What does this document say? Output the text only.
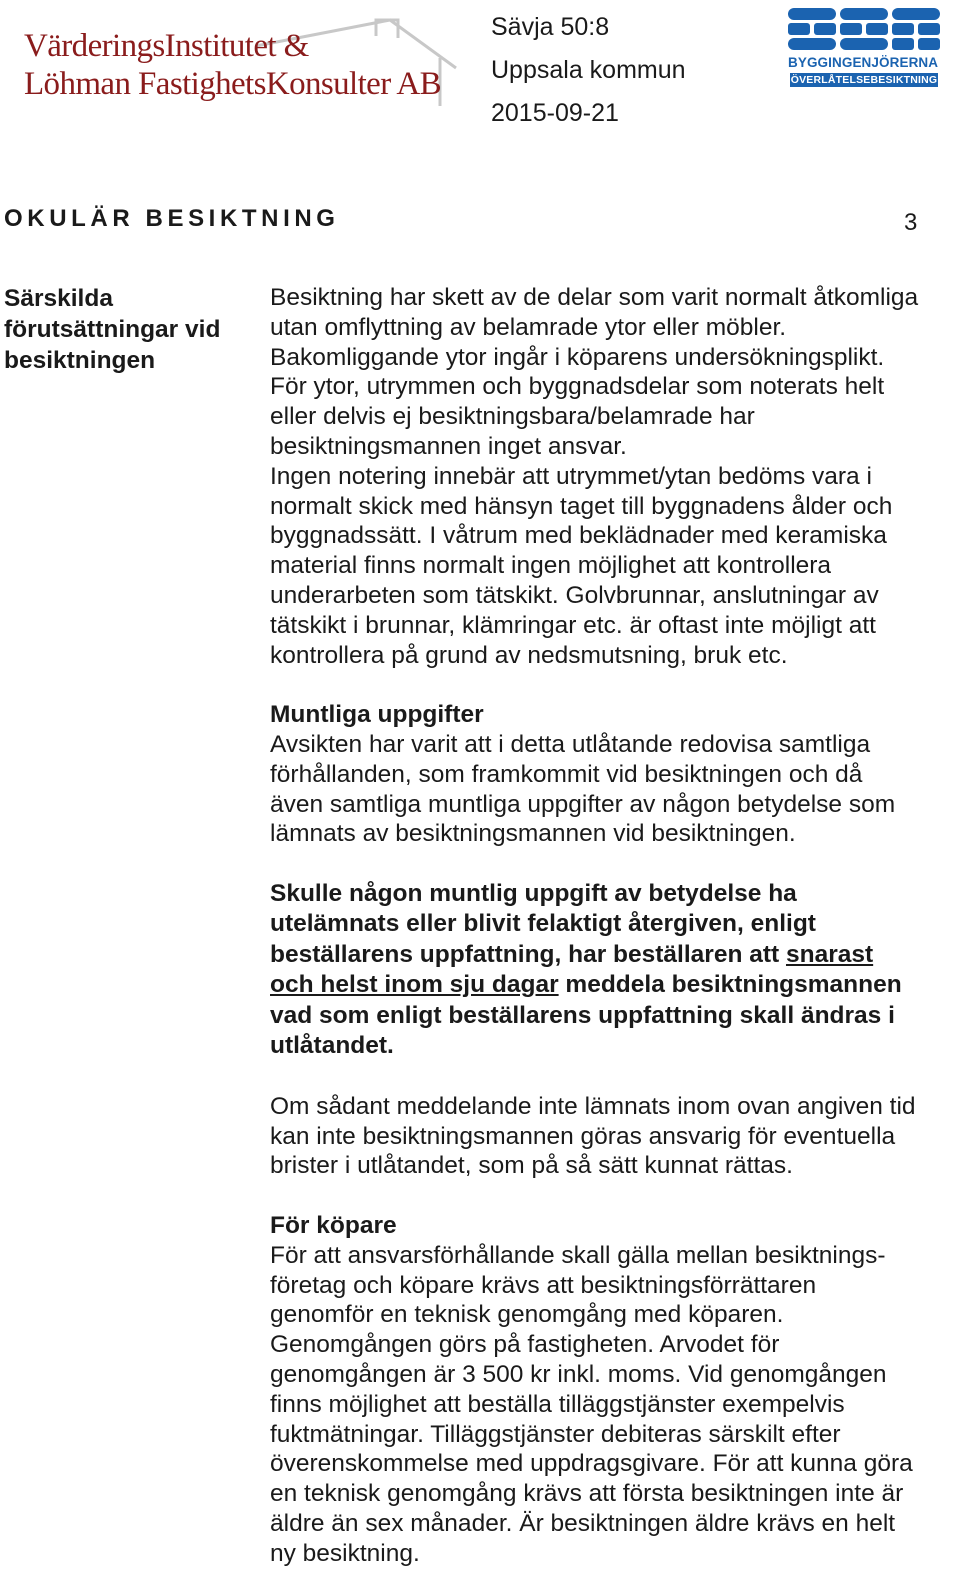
VärderingsInstitutet &
Löhman FastighetsKonsulter AB
Sävja 50:8
Uppsala kommun
2015-09-21
BYGGINGENJÖRERNA
ÖVERLÅTELSEBESIKTNING
OKULÄR BESIKTNING	3
Särskilda
förutsättningar vid
besiktningen

Besiktning har skett av de delar som varit normalt åtkomliga
utan omflyttning av belamrade ytor eller möbler.
Bakomliggande ytor ingår i köparens undersökningsplikt.
För ytor, utrymmen och byggnadsdelar som noterats helt
eller delvis ej besiktningsbara/belamrade har
besiktningsmannen inget ansvar.
Ingen notering innebär att utrymmet/ytan bedöms vara i
normalt skick med hänsyn taget till byggnadens ålder och
byggnadssätt. I våtrum med beklädnader med keramiska
material finns normalt ingen möjlighet att kontrollera
underarbeten som tätskikt. Golvbrunnar, anslutningar av
tätskikt i brunnar, klämringar etc. är oftast inte möjligt att
kontrollera på grund av nedsmutsning, bruk etc.

Muntliga uppgifter
Avsikten har varit att i detta utlåtande redovisa samtliga
förhållanden, som framkommit vid besiktningen och då
även samtliga muntliga uppgifter av någon betydelse som
lämnats av besiktningsmannen vid besiktningen.

Skulle någon muntlig uppgift av betydelse ha
utelämnats eller blivit felaktigt återgiven, enligt
beställarens uppfattning, har beställaren att snarast
och helst inom sju dagar meddela besiktningsmannen
vad som enligt beställarens uppfattning skall ändras i
utlåtandet.

Om sådant meddelande inte lämnats inom ovan angiven tid
kan inte besiktningsmannen göras ansvarig för eventuella
brister i utlåtandet, som på så sätt kunnat rättas.

För köpare
För att ansvarsförhållande skall gälla mellan besiktnings-
företag och köpare krävs att besiktningsförrättaren
genomför en teknisk genomgång med köparen.
Genomgången görs på fastigheten. Arvodet för
genomgången är 3 500 kr inkl. moms. Vid genomgången
finns möjlighet att beställa tilläggstjänster exempelvis
fuktmätningar. Tilläggstjänster debiteras särskilt efter
överenskommelse med uppdragsgivare. För att kunna göra
en teknisk genomgång krävs att första besiktningen inte är
äldre än sex månader. Är besiktningen äldre krävs en helt
ny besiktning.
